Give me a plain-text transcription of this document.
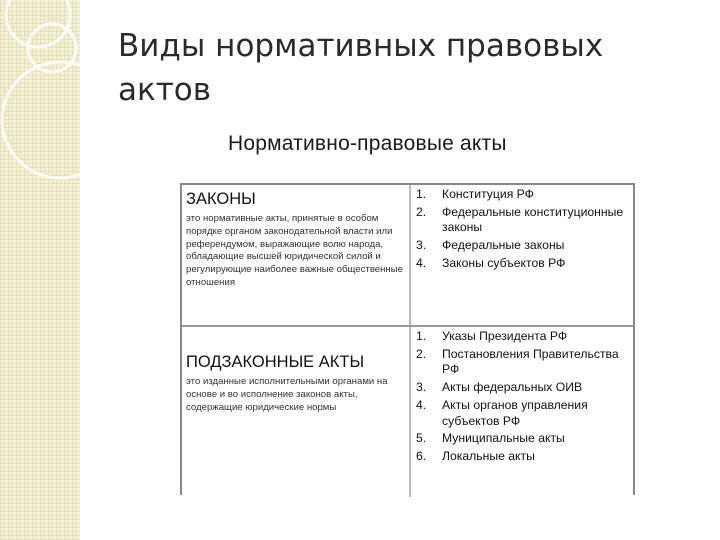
Виды нормативных правовых актов
Нормативно-правовые акты
ЗАКОНЫ
это нормативные акты, принятые в особом порядке органом законодательной власти или референдумом, выражающие волю народа, обладающие высшей юридической силой и регулирующие наиболее важные общественные отношения
1. Конституция РФ
2. Федеральные конституционные законы
3. Федеральные законы
4. Законы субъектов РФ
ПОДЗАКОННЫЕ АКТЫ
это изданные исполнительными органами на основе и во исполнение законов акты, содержащие юридические нормы
1. Указы Президента РФ
2. Постановления Правительства РФ
3. Акты федеральных ОИВ
4. Акты органов управления субъектов РФ
5. Муниципальные акты
6. Локальные акты
